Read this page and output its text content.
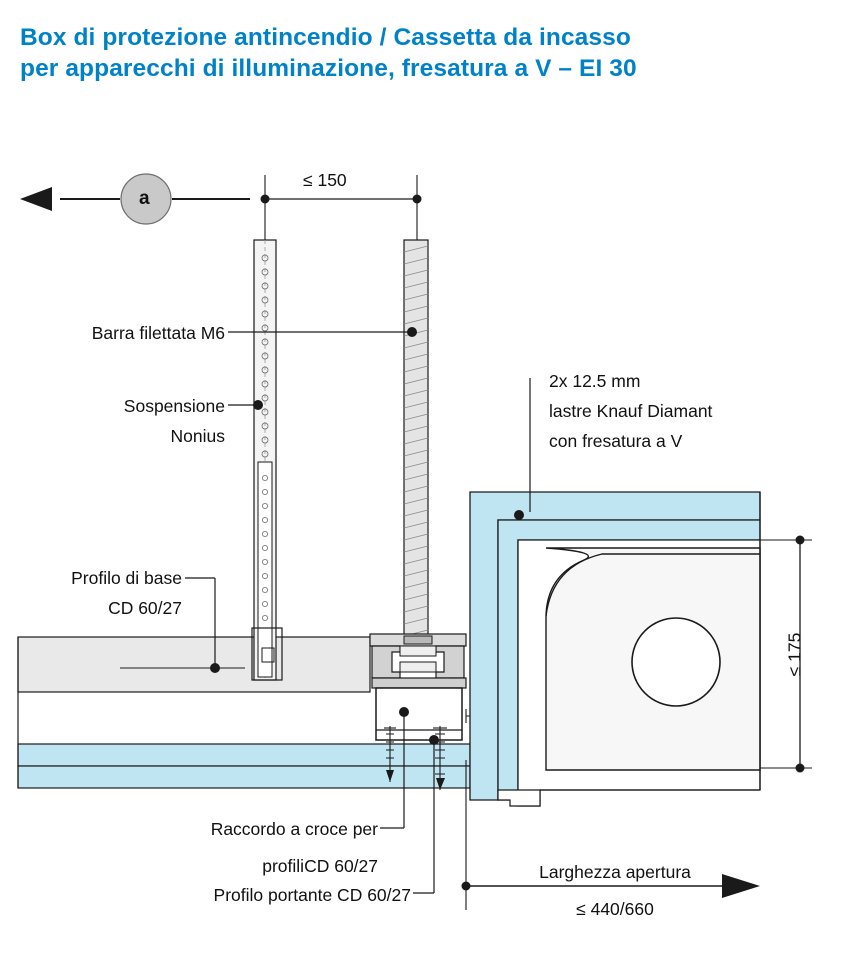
Box di protezione antincendio / Cassetta da incasso
per apparecchi di illuminazione, fresatura a V – EI 30
a
≤ 150
≤ 175
Barra filettata M6
Sospensione
Nonius
Profilo di base
CD 60/27
2x 12.5 mm
lastre Knauf Diamant
con fresatura a V
Raccordo a croce per
profiliCD 60/27
Profilo portante CD 60/27
Larghezza apertura
≤ 440/660
